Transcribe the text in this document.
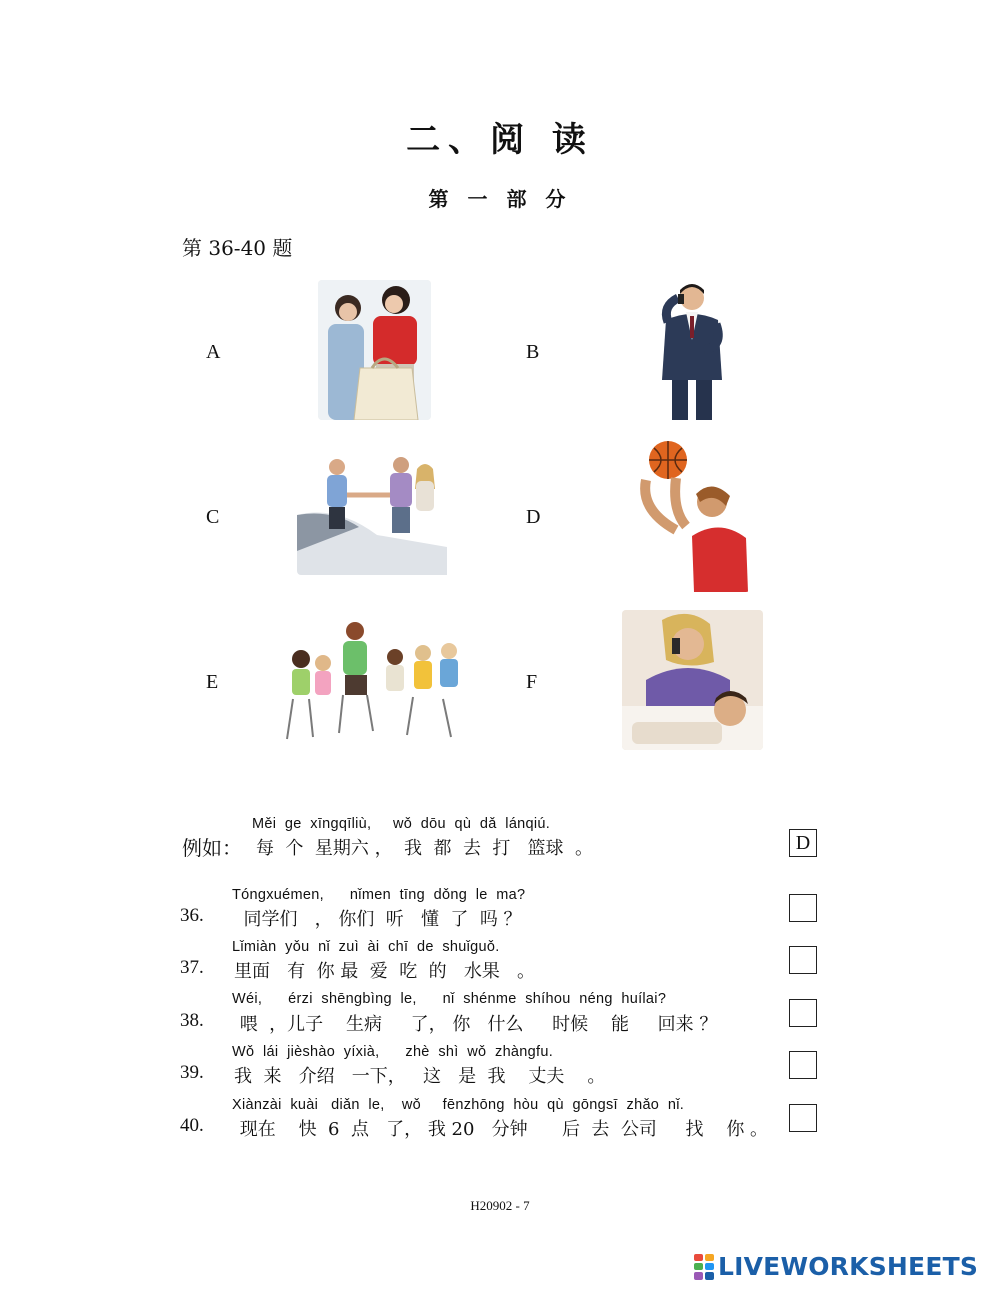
二、阅 读
第 一 部 分
第 36-40 题
A	B
C	D
E	F
Měi  ge  xīngqīliù,     wǒ  dōu  qù  dǎ  lánqiú.
例如： 每  个  星期六 ，  我  都  去  打   篮球  。	D
Tóngxuémen,      nǐmen  tīng  dǒng  le  ma?
36. 同学们   ， 你们  听   懂  了  吗 ？
Lǐmiàn  yǒu  nǐ  zuì  ài  chī  de  shuǐguǒ.
37. 里面   有  你 最  爱  吃  的   水果   。
Wéi,      érzi  shēngbìng  le,      nǐ  shénme  shíhou  néng  huílai?
38. 喂  ，儿子    生病     了， 你   什么     时候    能     回来 ？
Wǒ  lái  jièshào  yíxià,      zhè  shì  wǒ  zhàngfu.
39. 我  来   介绍   一下，   这   是  我    丈夫    。
Xiànzài  kuài   diǎn  le,    wǒ     fēnzhōng  hòu  qù  gōngsī  zhǎo  nǐ.
40. 现在    快  6  点   了， 我 20   分钟      后  去  公司     找    你 。
H20902 - 7
LIVEWORKSHEETS
